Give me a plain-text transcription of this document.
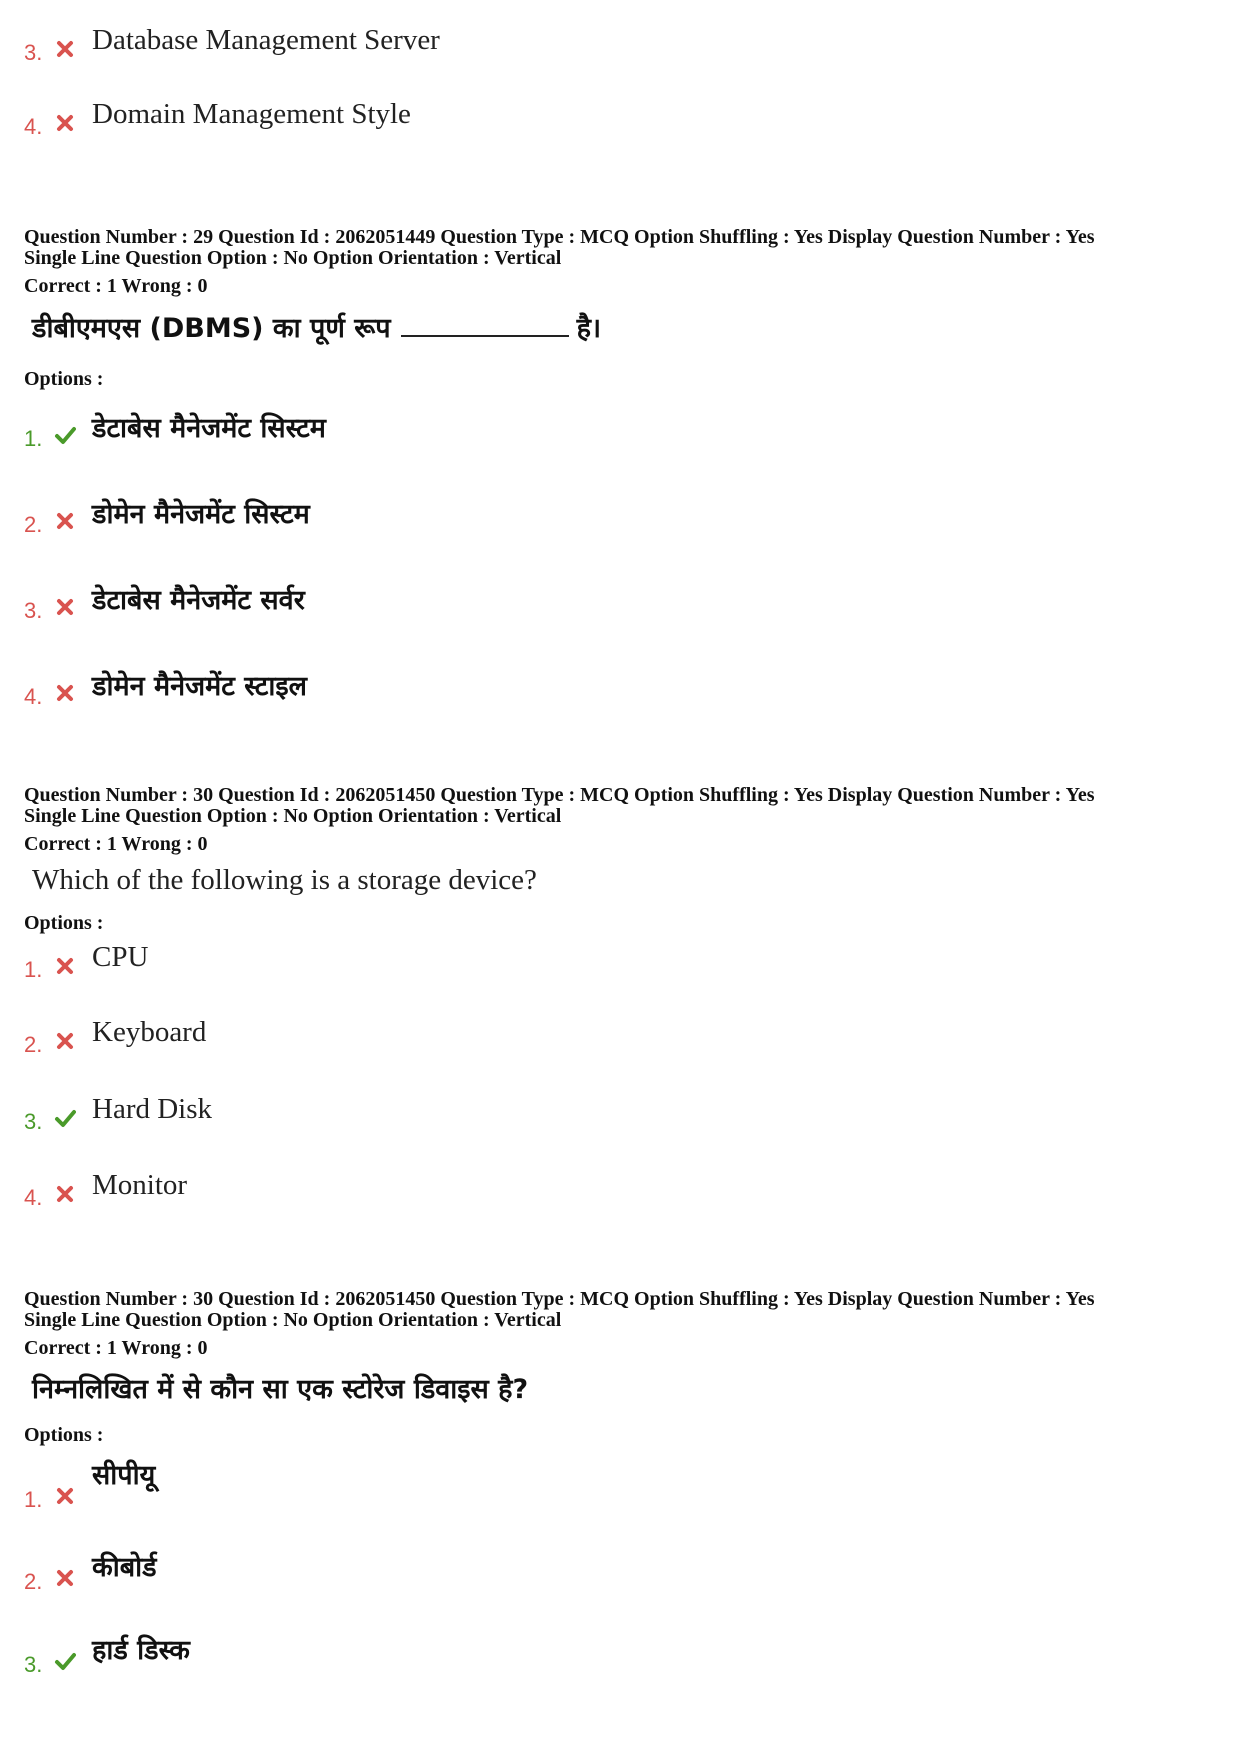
3. Database Management Server
4. Domain Management Style
Question Number : 29 Question Id : 2062051449 Question Type : MCQ Option Shuffling : Yes Display Question Number : Yes
Single Line Question Option : No Option Orientation : Vertical
Correct : 1 Wrong : 0
डीबीएमएस (DBMS) का पूर्ण रूप	है।
Options :
1. डेटाबेस मैनेजमेंट सिस्टम
2. डोमेन मैनेजमेंट सिस्टम
3. डेटाबेस मैनेजमेंट सर्वर
4. डोमेन मैनेजमेंट स्टाइल
Question Number : 30 Question Id : 2062051450 Question Type : MCQ Option Shuffling : Yes Display Question Number : Yes
Single Line Question Option : No Option Orientation : Vertical
Correct : 1 Wrong : 0
Which of the following is a storage device?
Options :
1. CPU
2. Keyboard
3. Hard Disk
4. Monitor
Question Number : 30 Question Id : 2062051450 Question Type : MCQ Option Shuffling : Yes Display Question Number : Yes
Single Line Question Option : No Option Orientation : Vertical
Correct : 1 Wrong : 0
निम्नलिखित में से कौन सा एक स्टोरेज डिवाइस है?
Options :
1.
सीपीयू
2. कीबोर्ड
3. हार्ड डिस्क
